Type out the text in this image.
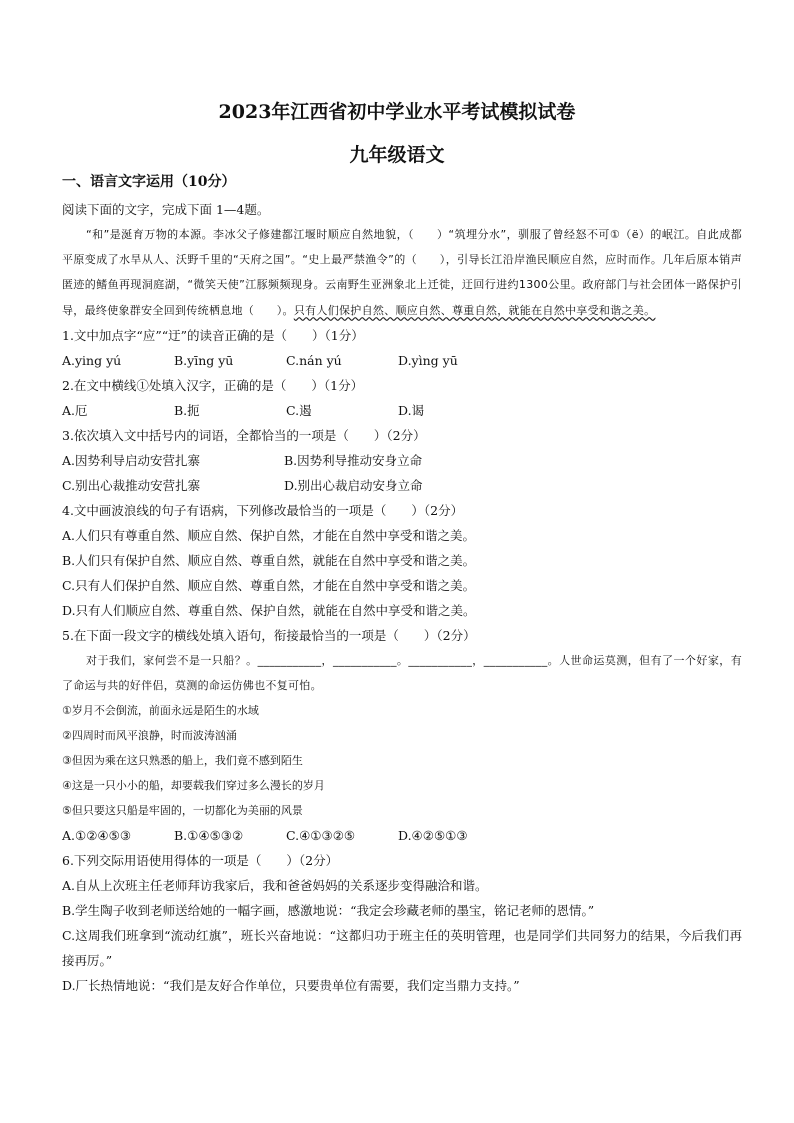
2023年江西省初中学业水平考试模拟试卷
九年级语文
一、语言文字运用（10分）

阅读下面的文字，完成下面 1—4题。

“和”是涎育万物的本源。李冰父子修建都江堰时顺应自然地貌，（　　）“筑埋分水”，驯服了曾经怒不可①（ë）的岷江。自此成都平原变成了水旱从人、沃野千里的“天府之国”。“史上最严禁渔令”的（　　），引导长江沿岸渔民顺应自然，应时而作。几年后原本销声匿迹的鳍鱼再现洞庭湖，“微笑天使”江豚频频现身。云南野生亚洲象北上迁徙，迂回行进约1300公里。政府部门与社会团体一路保护引导，最终使象群安全回到传统栖息地（　　）。只有人们保护自然、顺应自然、尊重自然，就能在自然中享受和谐之美。

1.文中加点字“应”“迂”的读音正确的是（　　）（1分）

A.ying yú	B.yīng yū	C.nán yú	D.yìng yū

2.在文中横线①处填入汉字，正确的是（　　）（1分）

A.厄	B.扼	C.遏	D.谒

3.依次填入文中括号内的词语，全都恰当的一项是（　　）（2分）

A.因势利导启动安营扎寨	B.因势利导推动安身立命
C.别出心裁推动安营扎寨	D.别出心裁启动安身立命

4.文中画波浪线的句子有语病，下列修改最恰当的一项是（　　）（2分）

A.人们只有尊重自然、顺应自然、保护自然，才能在自然中享受和谐之美。

B.人们只有保护自然、顺应自然、尊重自然，就能在自然中享受和谐之美。

C.只有人们保护自然、顺应自然、尊重自然，才能在自然中享受和谐之美。

D.只有人们顺应自然、尊重自然、保护自然，就能在自然中享受和谐之美。

5.在下面一段文字的横线处填入语句，衔接最恰当的一项是（　　）（2分）

对于我们，家何尝不是一只船？。___________，___________。___________，___________。人世命运莫测，但有了一个好家，有了命运与共的好伴侣，莫测的命运仿佛也不复可怕。

①岁月不会倒流，前面永远是陌生的水域

②四周时而风平浪静，时而波涛汹涌

③但因为乘在这只熟悉的船上，我们竟不感到陌生

④这是一只小小的船，却要载我们穿过多么漫长的岁月

⑤但只要这只船是牢固的，一切都化为美丽的风景

A.①②④⑤③	B.①④⑤③②	C.④①③②⑤	D.④②⑤①③

6.下列交际用语使用得体的一项是（　　）（2分）

A.自从上次班主任老师拜访我家后，我和爸爸妈妈的关系逐步变得融洽和谐。

B.学生陶子收到老师送给她的一幅字画，感激地说：“我定会珍藏老师的墨宝，铭记老师的恩情。”

C.这周我们班拿到“流动红旗”，班长兴奋地说：“这都归功于班主任的英明管理，也是同学们共同努力的结果，今后我们再接再厉。”

D.厂长热情地说：“我们是友好合作单位，只要贵单位有需要，我们定当鼎力支持。”
